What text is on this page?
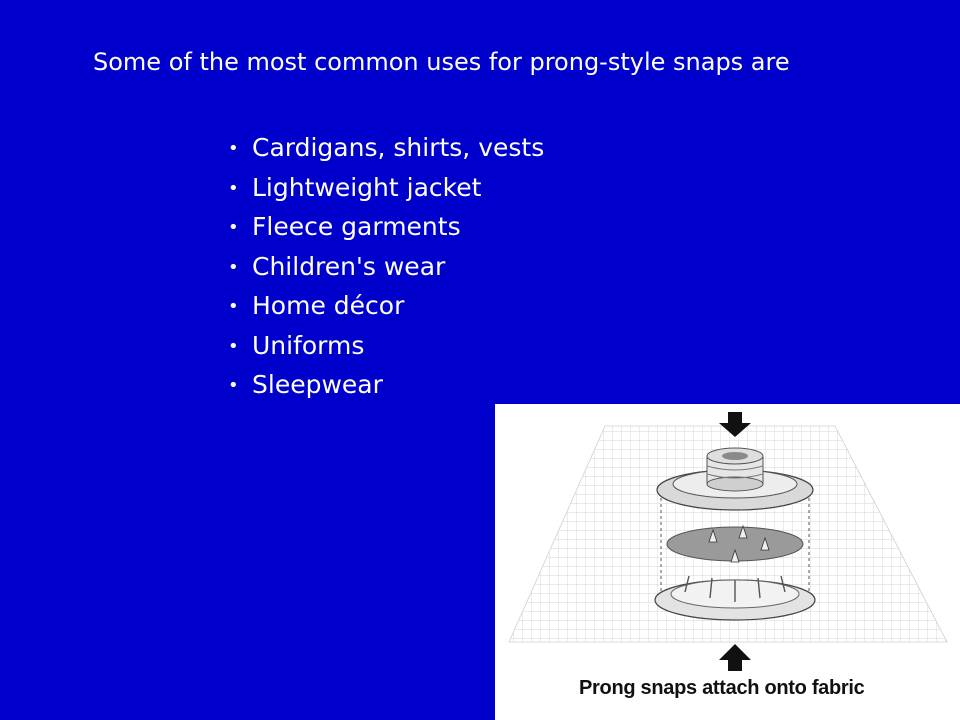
Some of the most common uses for prong-style snaps are

• Cardigans, shirts, vests
• Lightweight jacket
• Fleece garments
• Children's wear
• Home décor
• Uniforms
• Sleepwear
Prong snaps attach onto fabric
